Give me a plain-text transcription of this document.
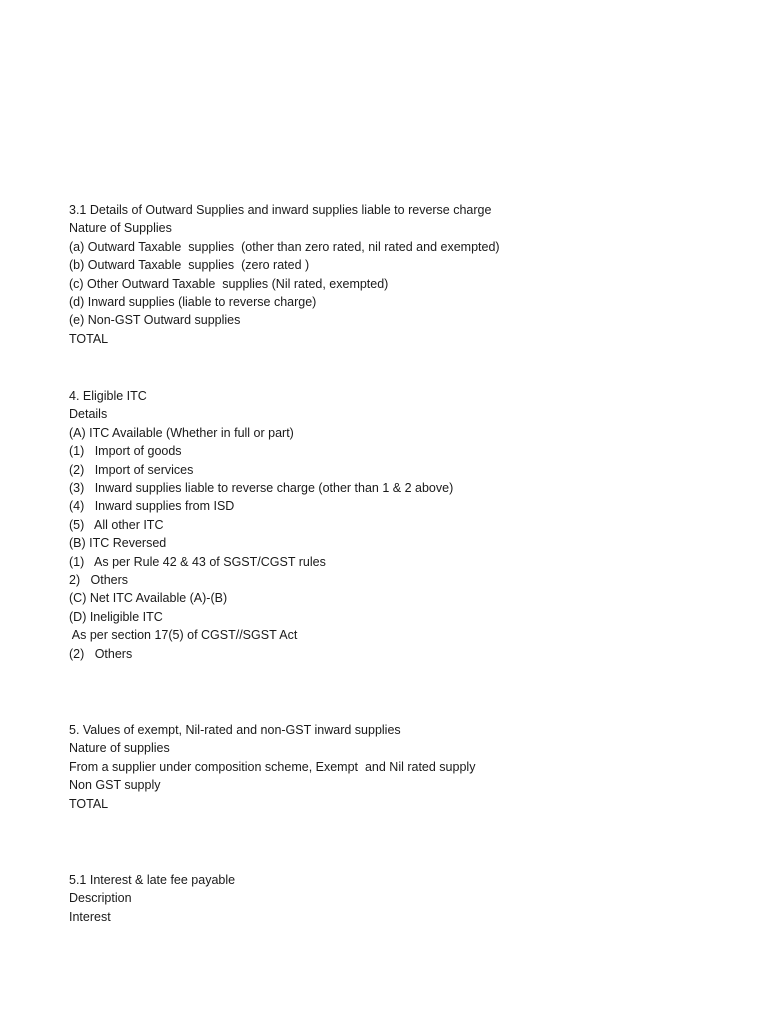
3.1 Details of Outward Supplies and inward supplies liable to reverse charge
Nature of Supplies
(a) Outward Taxable  supplies  (other than zero rated, nil rated and exempted)
(b) Outward Taxable  supplies  (zero rated )
(c) Other Outward Taxable  supplies (Nil rated, exempted)
(d) Inward supplies (liable to reverse charge)
(e) Non-GST Outward supplies
TOTAL
4. Eligible ITC
Details
(A) ITC Available (Whether in full or part)
(1)   Import of goods
(2)   Import of services
(3)   Inward supplies liable to reverse charge (other than 1 & 2 above)
(4)   Inward supplies from ISD
(5)   All other ITC
(B) ITC Reversed
(1)   As per Rule 42 & 43 of SGST/CGST rules
2)   Others
(C) Net ITC Available (A)-(B)
(D) Ineligible ITC
As per section 17(5) of CGST//SGST Act
(2)   Others
5. Values of exempt, Nil-rated and non-GST inward supplies
Nature of supplies
From a supplier under composition scheme, Exempt  and Nil rated supply
Non GST supply
TOTAL
5.1 Interest & late fee payable
Description
Interest
